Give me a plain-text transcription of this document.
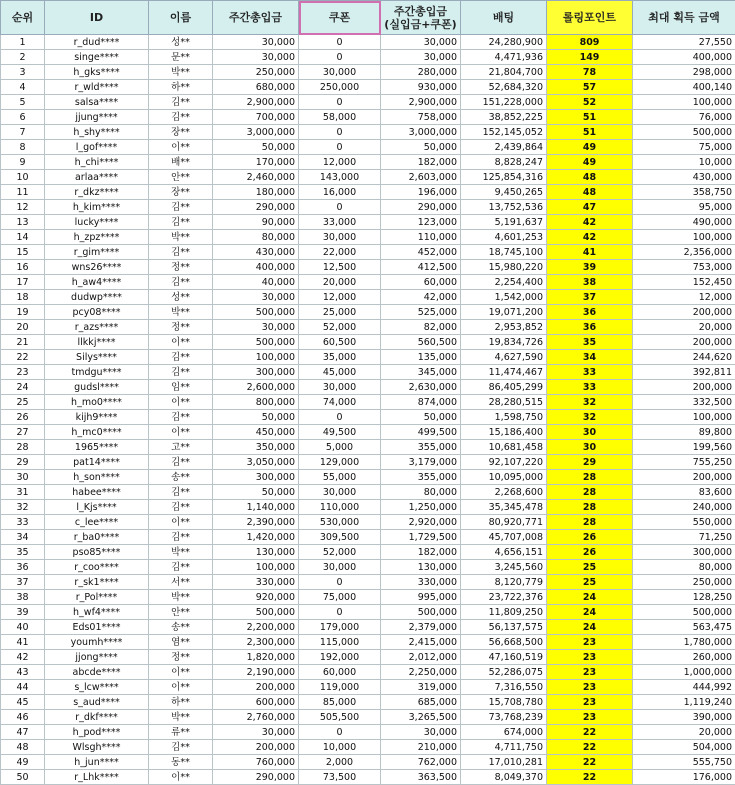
순위	ID	이름	주간총입금	쿠폰	주간총입금
(실입금+쿠폰)	배팅	롤링포인트	최대 획득 금액
1	r_dud****	성**	30,000	0	30,000	24,280,900	809	27,550
2	singe****	문**	30,000	0	30,000	4,471,936	149	400,000
3	h_gks****	박**	250,000	30,000	280,000	21,804,700	78	298,000
4	r_wld****	하**	680,000	250,000	930,000	52,684,320	57	400,140
5	salsa****	김**	2,900,000	0	2,900,000	151,228,000	52	100,000
6	jjung****	김**	700,000	58,000	758,000	38,852,225	51	76,000
7	h_shy****	장**	3,000,000	0	3,000,000	152,145,052	51	500,000
8	l_gof****	이**	50,000	0	50,000	2,439,864	49	75,000
9	h_chi****	배**	170,000	12,000	182,000	8,828,247	49	10,000
10	arlaa****	안**	2,460,000	143,000	2,603,000	125,854,316	48	430,000
11	r_dkz****	장**	180,000	16,000	196,000	9,450,265	48	358,750
12	h_kim****	김**	290,000	0	290,000	13,752,536	47	95,000
13	lucky****	김**	90,000	33,000	123,000	5,191,637	42	490,000
14	h_zpz****	박**	80,000	30,000	110,000	4,601,253	42	100,000
15	r_gim****	김**	430,000	22,000	452,000	18,745,100	41	2,356,000
16	wns26****	정**	400,000	12,500	412,500	15,980,220	39	753,000
17	h_aw4****	김**	40,000	20,000	60,000	2,254,400	38	152,450
18	dudwp****	성**	30,000	12,000	42,000	1,542,000	37	12,000
19	pcy08****	박**	500,000	25,000	525,000	19,071,200	36	200,000
20	r_azs****	정**	30,000	52,000	82,000	2,953,852	36	20,000
21	llkkj****	이**	500,000	60,500	560,500	19,834,726	35	200,000
22	Silys****	김**	100,000	35,000	135,000	4,627,590	34	244,620
23	tmdgu****	김**	300,000	45,000	345,000	11,474,467	33	392,811
24	gudsl****	임**	2,600,000	30,000	2,630,000	86,405,299	33	200,000
25	h_mo0****	이**	800,000	74,000	874,000	28,280,515	32	332,500
26	kijh9****	김**	50,000	0	50,000	1,598,750	32	100,000
27	h_mc0****	이**	450,000	49,500	499,500	15,186,400	30	89,800
28	1965****	고**	350,000	5,000	355,000	10,681,458	30	199,560
29	pat14****	김**	3,050,000	129,000	3,179,000	92,107,220	29	755,250
30	h_son****	송**	300,000	55,000	355,000	10,095,000	28	200,000
31	habee****	김**	50,000	30,000	80,000	2,268,600	28	83,600
32	l_Kjs****	김**	1,140,000	110,000	1,250,000	35,345,478	28	240,000
33	c_lee****	이**	2,390,000	530,000	2,920,000	80,920,771	28	550,000
34	r_ba0****	김**	1,420,000	309,500	1,729,500	45,707,008	26	71,250
35	pso85****	박**	130,000	52,000	182,000	4,656,151	26	300,000
36	r_coo****	김**	100,000	30,000	130,000	3,245,560	25	80,000
37	r_sk1****	서**	330,000	0	330,000	8,120,779	25	250,000
38	r_Pol****	박**	920,000	75,000	995,000	23,722,376	24	128,250
39	h_wf4****	안**	500,000	0	500,000	11,809,250	24	500,000
40	Eds01****	송**	2,200,000	179,000	2,379,000	56,137,575	24	563,475
41	youmh****	염**	2,300,000	115,000	2,415,000	56,668,500	23	1,780,000
42	jjong****	정**	1,820,000	192,000	2,012,000	47,160,519	23	260,000
43	abcde****	이**	2,190,000	60,000	2,250,000	52,286,075	23	1,000,000
44	s_lcw****	이**	200,000	119,000	319,000	7,316,550	23	444,992
45	s_aud****	하**	600,000	85,000	685,000	15,708,780	23	1,119,240
46	r_dkf****	박**	2,760,000	505,500	3,265,500	73,768,239	23	390,000
47	h_pod****	류**	30,000	0	30,000	674,000	22	20,000
48	Wlsgh****	김**	200,000	10,000	210,000	4,711,750	22	504,000
49	h_jun****	동**	760,000	2,000	762,000	17,010,281	22	555,750
50	r_Lhk****	이**	290,000	73,500	363,500	8,049,370	22	176,000
